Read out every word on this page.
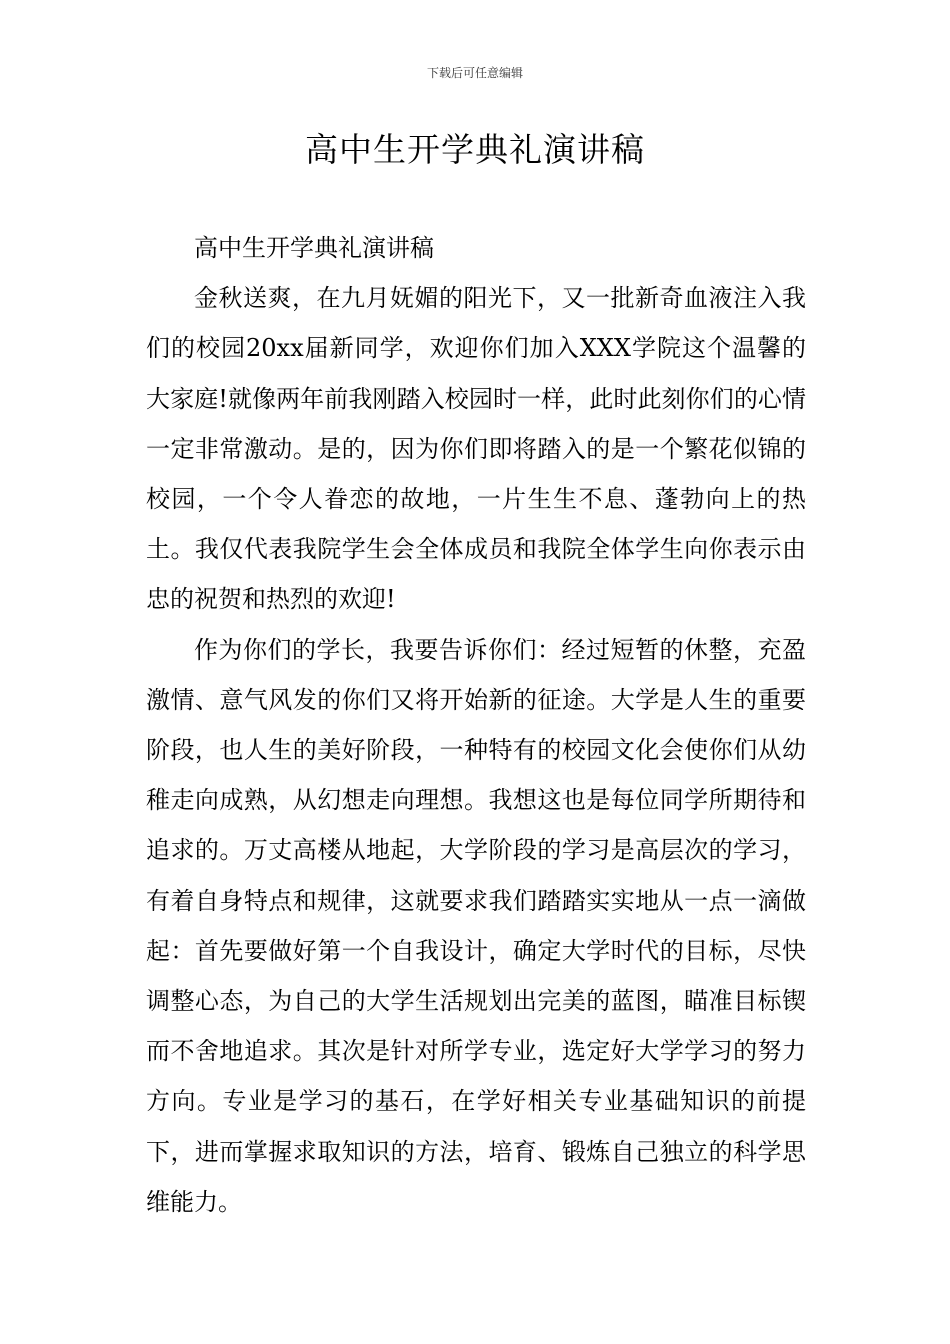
下载后可任意编辑
高中生开学典礼演讲稿

高中生开学典礼演讲稿

金秋送爽，在九月妩媚的阳光下，又一批新奇血液注入我们的校园20xx届新同学，欢迎你们加入XXX学院这个温馨的大家庭!就像两年前我刚踏入校园时一样，此时此刻你们的心情一定非常激动。是的，因为你们即将踏入的是一个繁花似锦的校园，一个令人眷恋的故地，一片生生不息、蓬勃向上的热土。我仅代表我院学生会全体成员和我院全体学生向你表示由忠的祝贺和热烈的欢迎!

作为你们的学长，我要告诉你们：经过短暂的休整，充盈激情、意气风发的你们又将开始新的征途。大学是人生的重要阶段，也人生的美好阶段，一种特有的校园文化会使你们从幼稚走向成熟，从幻想走向理想。我想这也是每位同学所期待和追求的。万丈高楼从地起，大学阶段的学习是高层次的学习，有着自身特点和规律，这就要求我们踏踏实实地从一点一滴做起：首先要做好第一个自我设计，确定大学时代的目标，尽快调整心态，为自己的大学生活规划出完美的蓝图，瞄准目标锲而不舍地追求。其次是针对所学专业，选定好大学学习的努力方向。专业是学习的基石，在学好相关专业基础知识的前提下，进而掌握求取知识的方法，培育、锻炼自己独立的科学思维能力。
